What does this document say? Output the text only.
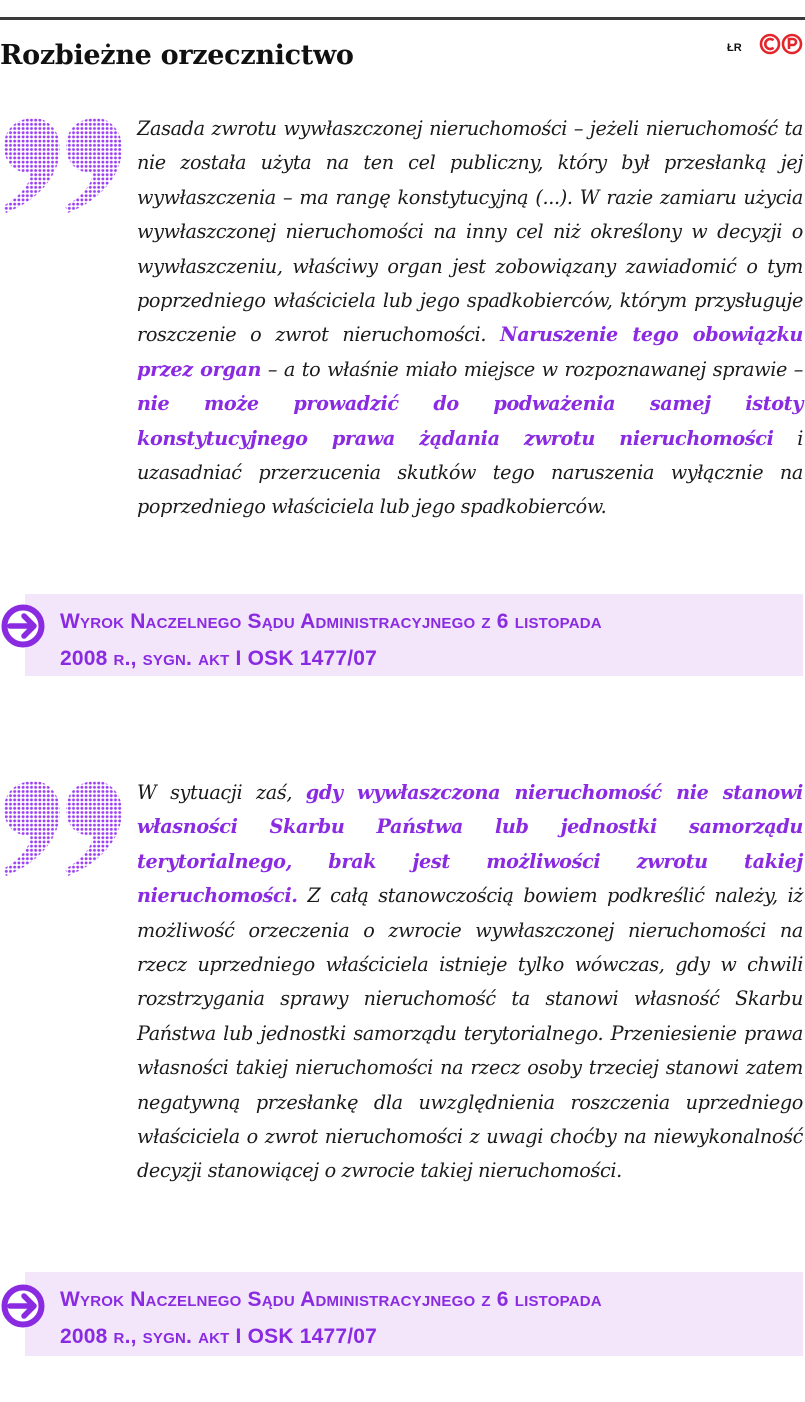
Rozbieżne orzecznictwo	ŁR
Zasada zwrotu wywłaszczonej nieruchomości – jeżeli nieruchomość ta nie została użyta na ten cel publiczny, który był przesłanką jej wywłaszczenia – ma rangę konstytucyjną (...). W razie zamiaru użycia wywłaszczonej nieruchomości na inny cel niż określony w decyzji o wywłaszczeniu, właściwy organ jest zobowiązany zawiadomić o tym poprzedniego właściciela lub jego spadkobierców, którym przysługuje roszczenie o zwrot nieruchomości. Naruszenie tego obowiązku przez organ – a to właśnie miało miejsce w rozpoznawanej sprawie – nie może prowadzić do podważenia samej istoty konstytucyjnego prawa żądania zwrotu nieruchomości i uzasadniać przerzucenia skutków tego naruszenia wyłącznie na poprzedniego właściciela lub jego spadkobierców.
Wyrok Naczelnego Sądu Administracyjnego z 6 listopada
2008 r., sygn. akt I OSK 1477/07
W sytuacji zaś, gdy wywłaszczona nieruchomość nie stanowi własności Skarbu Państwa lub jednostki samorządu terytorialnego, brak jest możliwości zwrotu takiej nieruchomości. Z całą stanowczością bowiem podkreślić należy, iż możliwość orzeczenia o zwrocie wywłaszczonej nieruchomości na rzecz uprzedniego właściciela istnieje tylko wówczas, gdy w chwili rozstrzygania sprawy nieruchomość ta stanowi własność Skarbu Państwa lub jednostki samorządu terytorialnego. Przeniesienie prawa własności takiej nieruchomości na rzecz osoby trzeciej stanowi zatem negatywną przesłankę dla uwzględnienia roszczenia uprzedniego właściciela o zwrot nieruchomości z uwagi choćby na niewykonalność decyzji stanowiącej o zwrocie takiej nieruchomości.
Wyrok Naczelnego Sądu Administracyjnego z 6 listopada
2008 r., sygn. akt I OSK 1477/07
